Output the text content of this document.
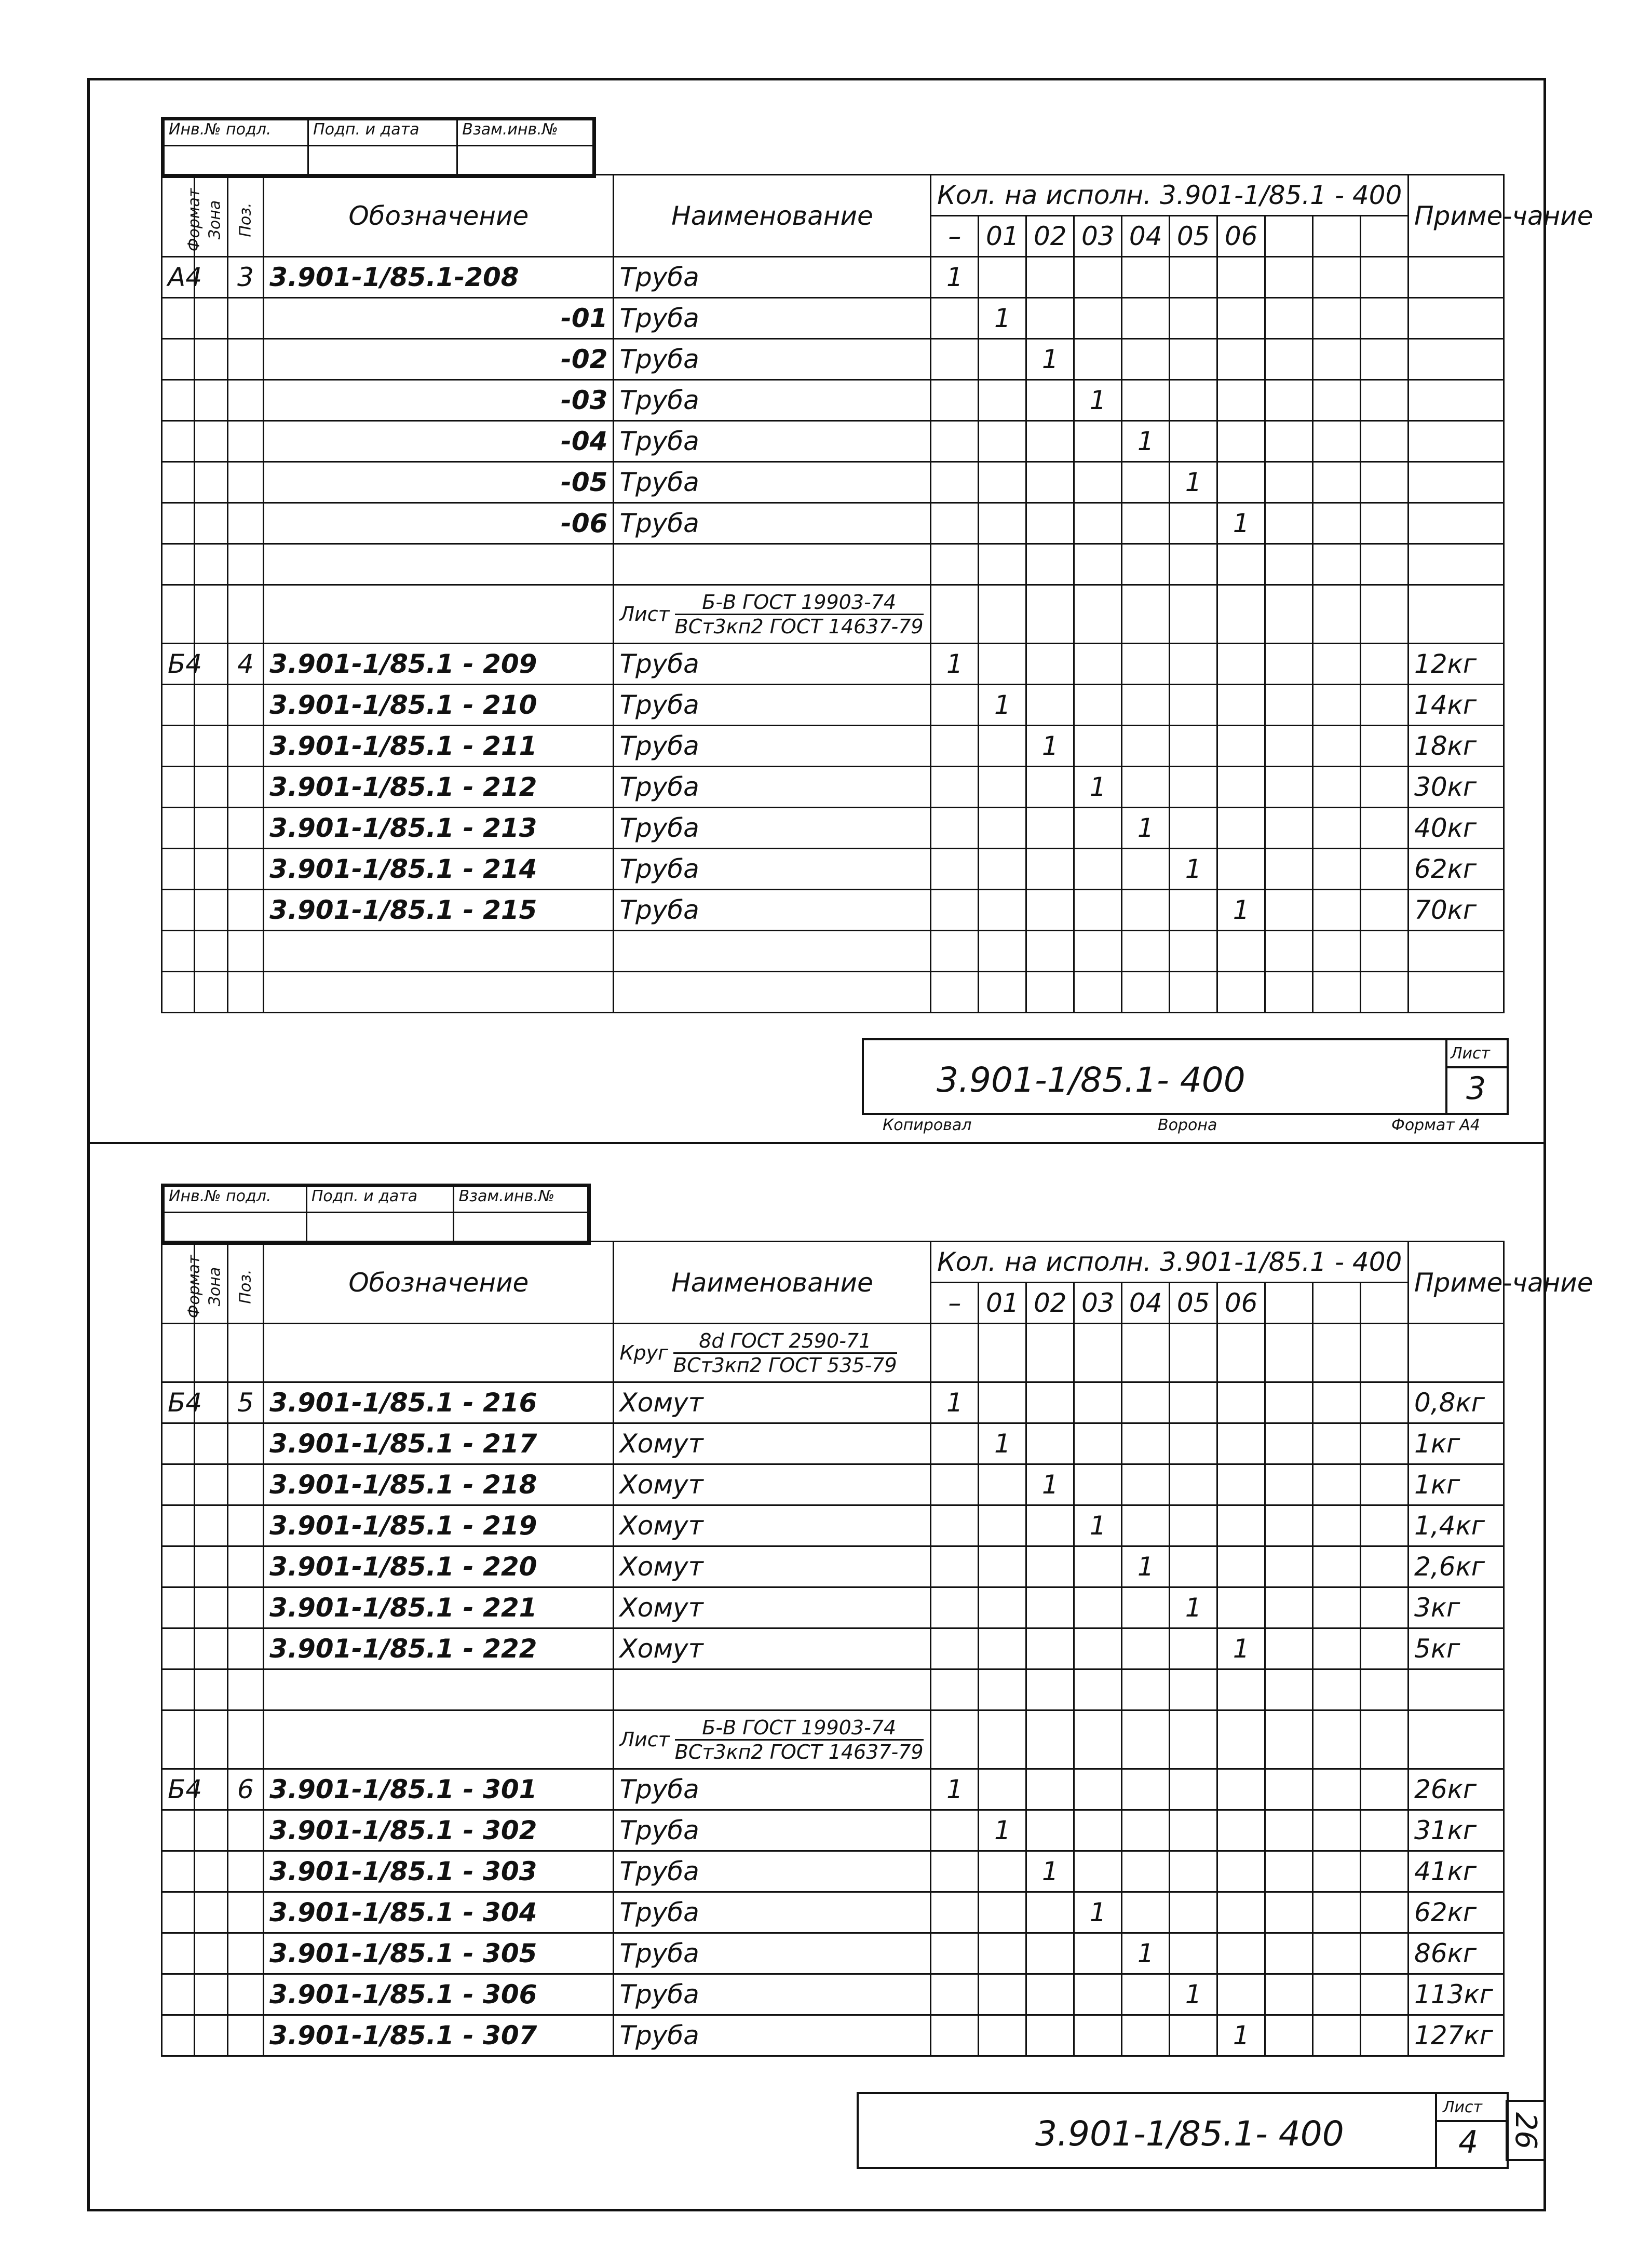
Инв.№ подл.	Подп. и дата	Взам.инв.№

Формат	Зона	Поз.	Обозначение	Наименование	Кол. на исполн. 3.901-1/85.1 - 400										Приме-чание
					–	01	02	03	04	05	06				
А4		3	3.901-1/85.1-208	Труба	1										
			-01	Труба		1									
			-02	Труба			1								
			-03	Труба				1							
			-04	Труба					1						
			-05	Труба						1					
			-06	Труба							1				

				Лист $\frac{\text{Б-В ГОСТ 19903-74}}{\text{ВСт3кп2 ГОСТ 14637-79}}$

Б4		4	3.901-1/85.1 - 209	Труба	1										12кг
			3.901-1/85.1 - 210	Труба		1									14кг
			3.901-1/85.1 - 211	Труба			1								18кг
			3.901-1/85.1 - 212	Труба				1							30кг
			3.901-1/85.1 - 213	Труба					1						40кг
			3.901-1/85.1 - 214	Труба						1					62кг
			3.901-1/85.1 - 215	Труба							1				70кг

3.901-1/85.1- 400
Лист
3
Копировал	Ворона	Формат А4
Инв.№ подл.	Подп. и дата	Взам.инв.№

Формат	Зона	Поз.	Обозначение	Наименование	Кол. на исполн. 3.901-1/85.1 - 400										Приме-чание
					–	01	02	03	04	05	06				

				Круг $\frac{\text{8d ГОСТ 2590-71}}{\text{ВСт3кп2 ГОСТ 535-79}}$

Б4		5	3.901-1/85.1 - 216	Хомут	1										0,8кг
			3.901-1/85.1 - 217	Хомут		1									1кг
			3.901-1/85.1 - 218	Хомут			1								1кг
			3.901-1/85.1 - 219	Хомут				1							1,4кг
			3.901-1/85.1 - 220	Хомут					1						2,6кг
			3.901-1/85.1 - 221	Хомут						1					3кг
			3.901-1/85.1 - 222	Хомут							1				5кг

				Лист $\frac{\text{Б-В ГОСТ 19903-74}}{\text{ВСт3кп2 ГОСТ 14637-79}}$

Б4		6	3.901-1/85.1 - 301	Труба	1										26кг
			3.901-1/85.1 - 302	Труба		1									31кг
			3.901-1/85.1 - 303	Труба			1								41кг
			3.901-1/85.1 - 304	Труба				1							62кг
			3.901-1/85.1 - 305	Труба					1						86кг
			3.901-1/85.1 - 306	Труба						1					113кг
			3.901-1/85.1 - 307	Труба							1				127кг
3.901-1/85.1- 400
Лист
4 26
